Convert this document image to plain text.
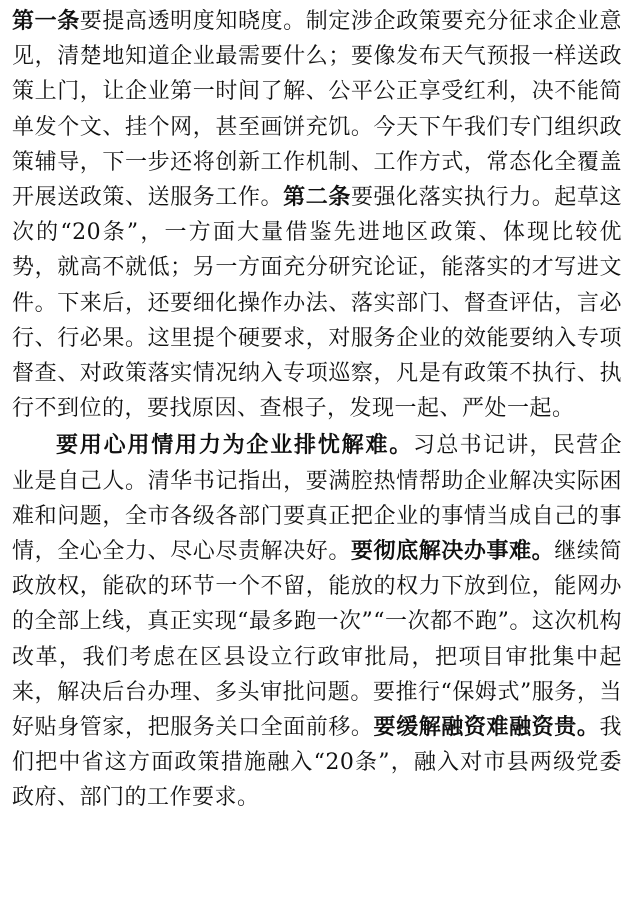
第一条要提高透明度知晓度。制定涉企政策要充分征求企业意见，清楚地知道企业最需要什么；要像发布天气预报一样送政策上门，让企业第一时间了解、公平公正享受红利，决不能简单发个文、挂个网，甚至画饼充饥。今天下午我们专门组织政策辅导，下一步还将创新工作机制、工作方式，常态化全覆盖开展送政策、送服务工作。第二条要强化落实执行力。起草这次的“20条”，一方面大量借鉴先进地区政策、体现比较优势，就高不就低；另一方面充分研究论证，能落实的才写进文件。下来后，还要细化操作办法、落实部门、督查评估，言必行、行必果。这里提个硬要求，对服务企业的效能要纳入专项督查、对政策落实情况纳入专项巡察，凡是有政策不执行、执行不到位的，要找原因、查根子，发现一起、严处一起。

要用心用情用力为企业排忧解难。习总书记讲，民营企业是自己人。清华书记指出，要满腔热情帮助企业解决实际困难和问题，全市各级各部门要真正把企业的事情当成自己的事情，全心全力、尽心尽责解决好。要彻底解决办事难。继续简政放权，能砍的环节一个不留，能放的权力下放到位，能网办的全部上线，真正实现“最多跑一次”“一次都不跑”。这次机构改革，我们考虑在区县设立行政审批局，把项目审批集中起来，解决后台办理、多头审批问题。要推行“保姆式”服务，当好贴身管家，把服务关口全面前移。要缓解融资难融资贵。我们把中省这方面政策措施融入“20条”，融入对市县两级党委政府、部门的工作要求。
